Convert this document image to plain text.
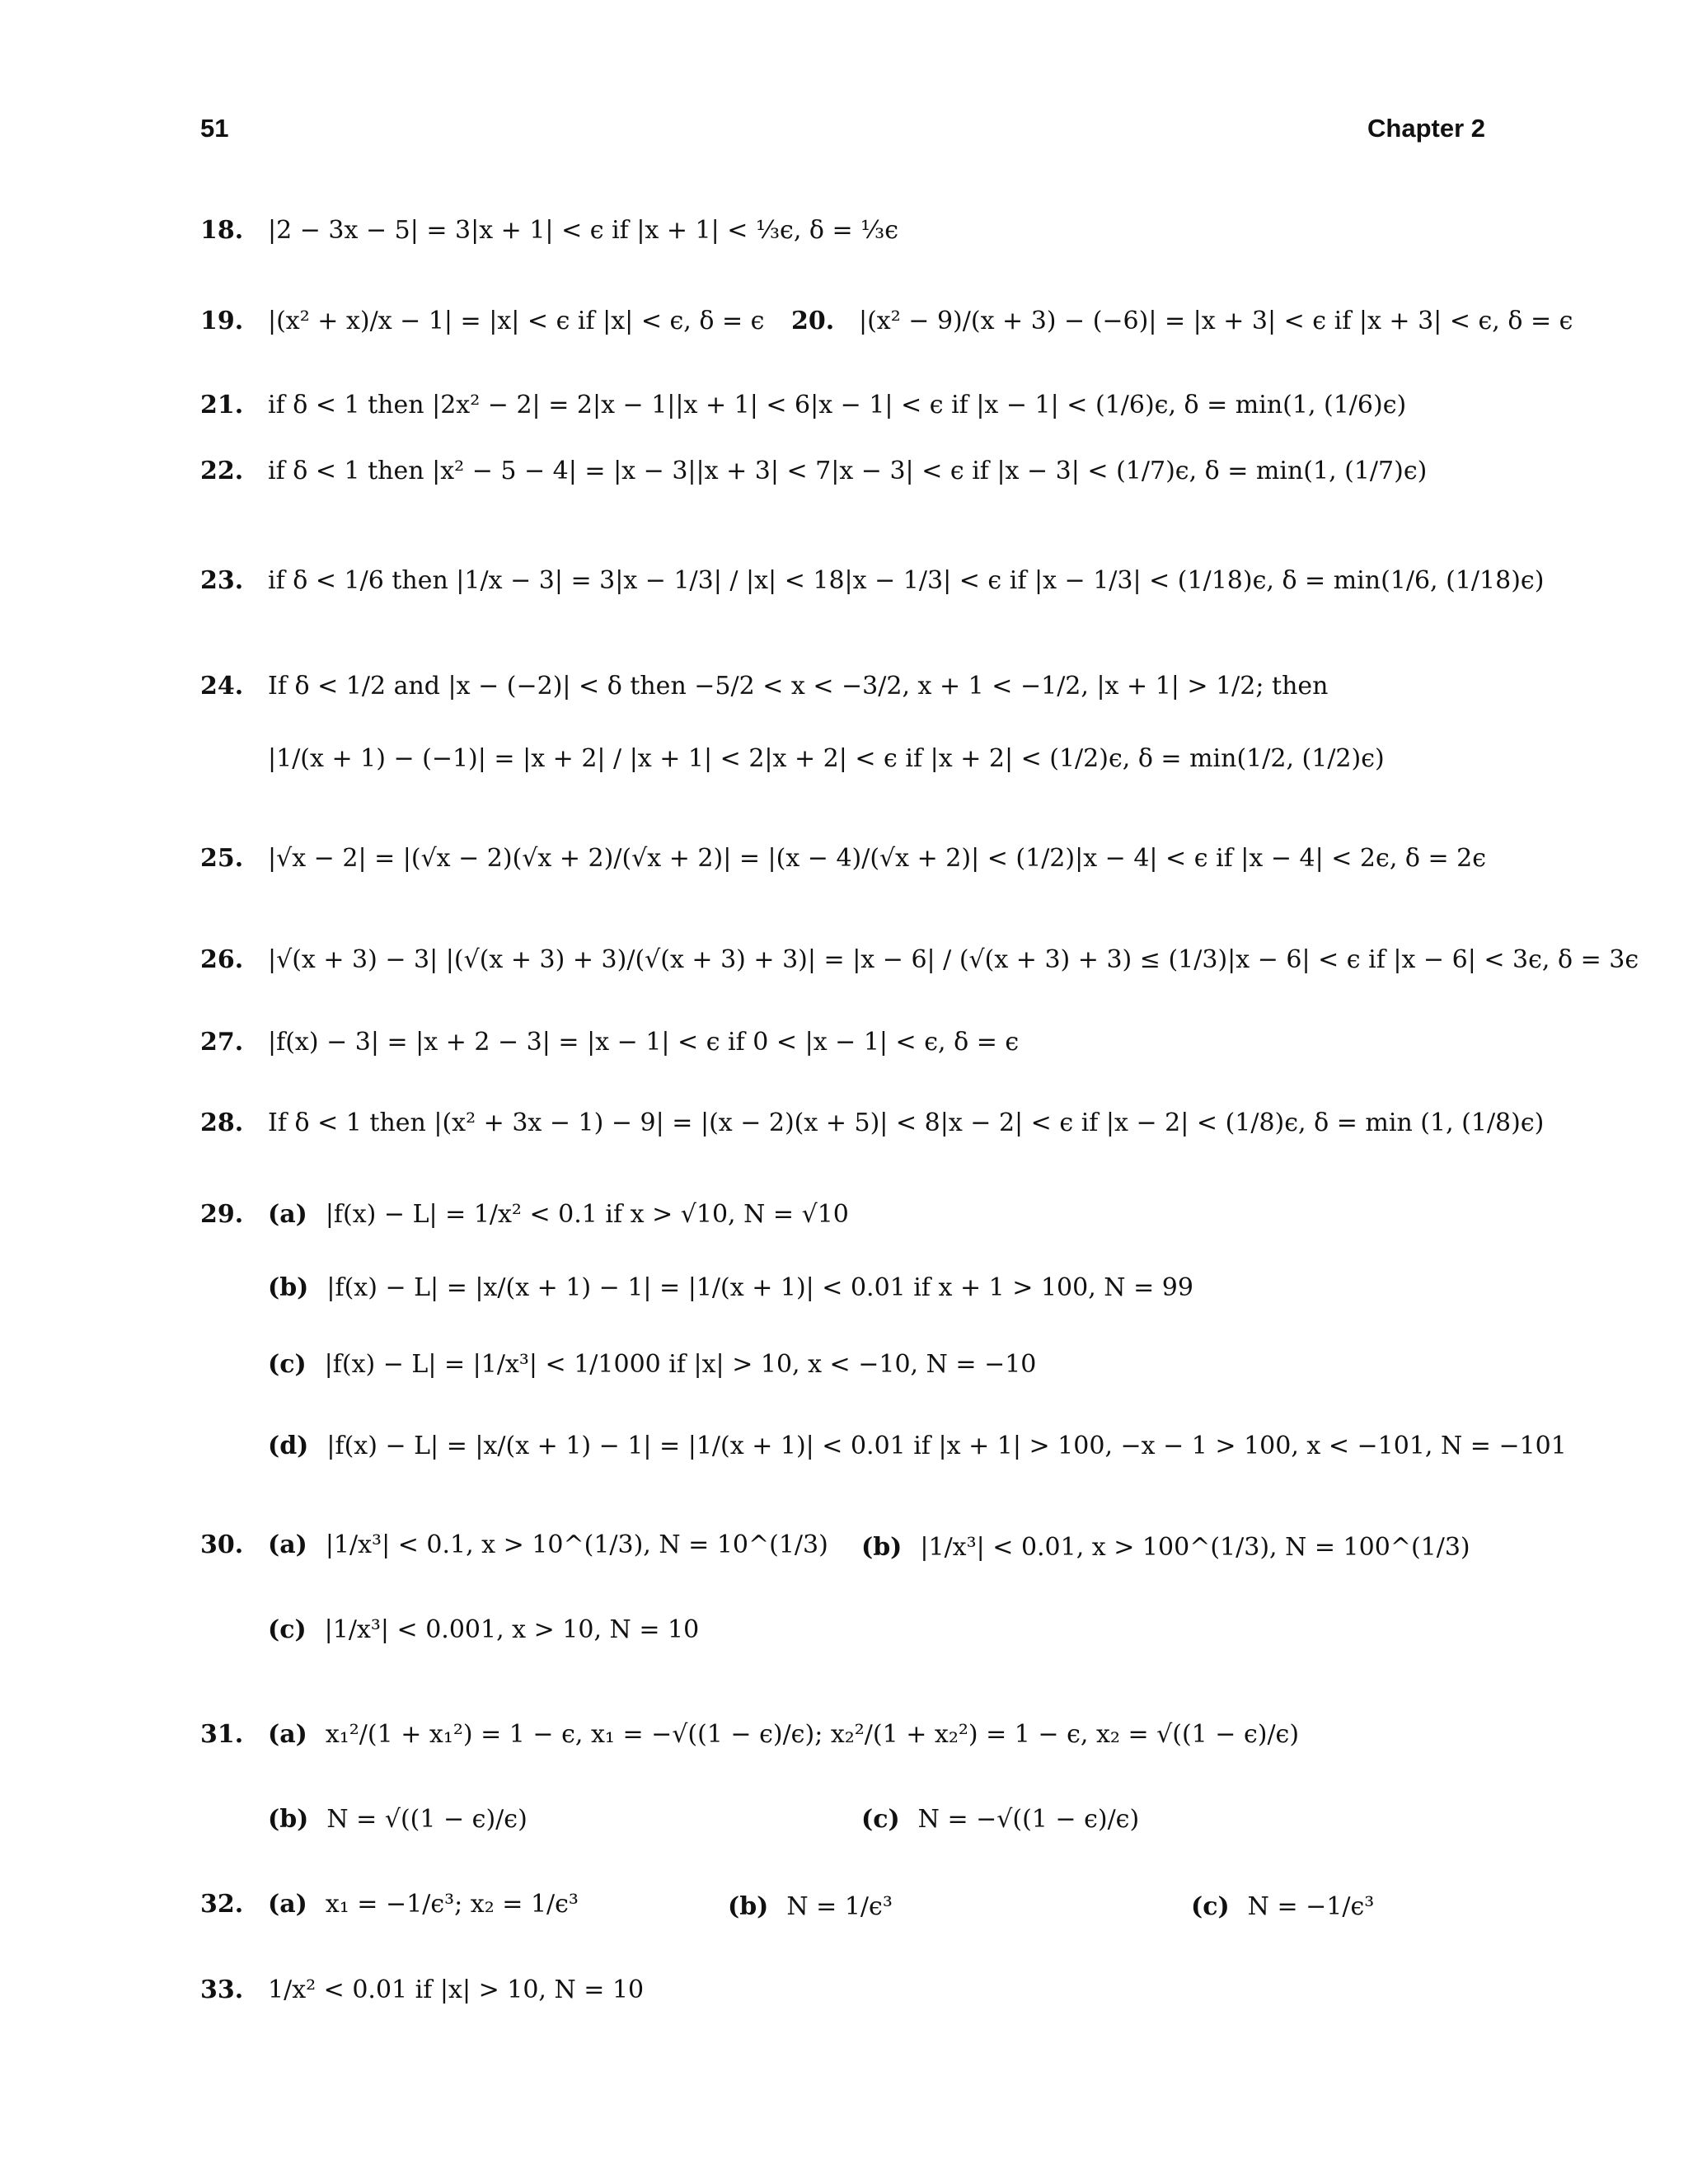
51	Chapter 2
18. |2 − 3x − 5| = 3|x + 1| < ϵ if |x + 1| < ⅓ϵ, δ = ⅓ϵ
19. |(x² + x)/x − 1| = |x| < ϵ if |x| < ϵ, δ = ϵ 20. |(x² − 9)/(x + 3) − (−6)| = |x + 3| < ϵ if |x + 3| < ϵ, δ = ϵ
21. if δ < 1 then |2x² − 2| = 2|x − 1||x + 1| < 6|x − 1| < ϵ if |x − 1| < (1/6)ϵ, δ = min(1, (1/6)ϵ)
22. if δ < 1 then |x² − 5 − 4| = |x − 3||x + 3| < 7|x − 3| < ϵ if |x − 3| < (1/7)ϵ, δ = min(1, (1/7)ϵ)
23. if δ < 1/6 then |1/x − 3| = 3|x − 1/3| / |x| < 18|x − 1/3| < ϵ if |x − 1/3| < (1/18)ϵ, δ = min(1/6, (1/18)ϵ)
24. If δ < 1/2 and |x − (−2)| < δ then −5/2 < x < −3/2, x + 1 < −1/2, |x + 1| > 1/2; then
|1/(x + 1) − (−1)| = |x + 2| / |x + 1| < 2|x + 2| < ϵ if |x + 2| < (1/2)ϵ, δ = min(1/2, (1/2)ϵ)
25. |√x − 2| = |(√x − 2)(√x + 2)/(√x + 2)| = |(x − 4)/(√x + 2)| < (1/2)|x − 4| < ϵ if |x − 4| < 2ϵ, δ = 2ϵ
26. |√(x + 3) − 3| |(√(x + 3) + 3)/(√(x + 3) + 3)| = |x − 6| / (√(x + 3) + 3) ≤ (1/3)|x − 6| < ϵ if |x − 6| < 3ϵ, δ = 3ϵ
27. |f(x) − 3| = |x + 2 − 3| = |x − 1| < ϵ if 0 < |x − 1| < ϵ, δ = ϵ
28. If δ < 1 then |(x² + 3x − 1) − 9| = |(x − 2)(x + 5)| < 8|x − 2| < ϵ if |x − 2| < (1/8)ϵ, δ = min (1, (1/8)ϵ)
29. (a) |f(x) − L| = 1/x² < 0.1 if x > √10, N = √10
(b) |f(x) − L| = |x/(x + 1) − 1| = |1/(x + 1)| < 0.01 if x + 1 > 100, N = 99
(c) |f(x) − L| = |1/x³| < 1/1000 if |x| > 10, x < −10, N = −10
(d) |f(x) − L| = |x/(x + 1) − 1| = |1/(x + 1)| < 0.01 if |x + 1| > 100, −x − 1 > 100, x < −101, N = −101
30. (a) |1/x³| < 0.1, x > 10^(1/3), N = 10^(1/3) (b) |1/x³| < 0.01, x > 100^(1/3), N = 100^(1/3)
(c) |1/x³| < 0.001, x > 10, N = 10
31. (a) x₁²/(1 + x₁²) = 1 − ϵ, x₁ = −√((1 − ϵ)/ϵ); x₂²/(1 + x₂²) = 1 − ϵ, x₂ = √((1 − ϵ)/ϵ)
(b) N = √((1 − ϵ)/ϵ)	(c) N = −√((1 − ϵ)/ϵ)
32. (a) x₁ = −1/ϵ³; x₂ = 1/ϵ³	(b) N = 1/ϵ³	(c) N = −1/ϵ³
33. 1/x² < 0.01 if |x| > 10, N = 10
